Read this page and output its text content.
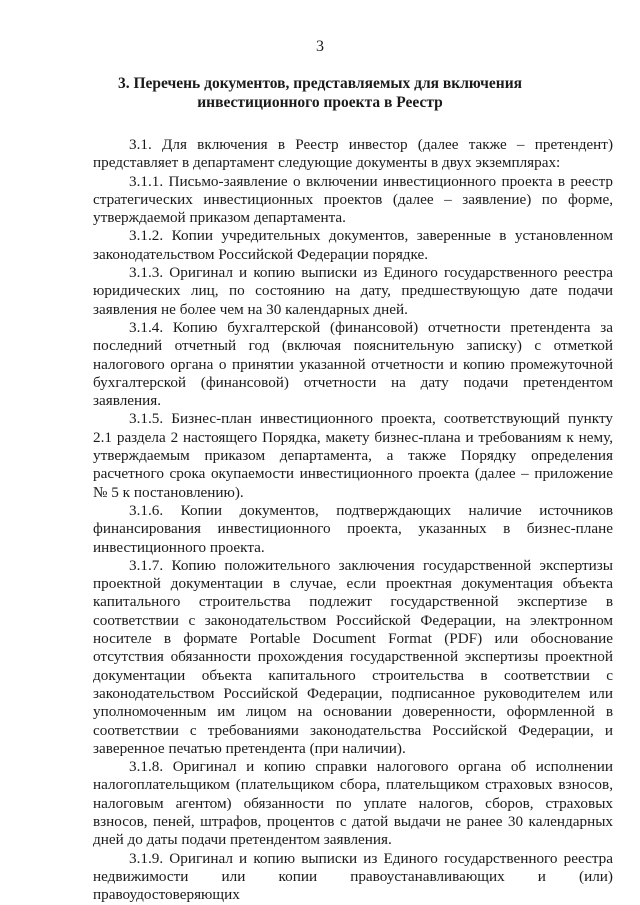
3
3. Перечень документов, представляемых для включения инвестиционного проекта в Реестр

3.1. Для включения в Реестр инвестор (далее также – претендент) представляет в департамент следующие документы в двух экземплярах:

3.1.1. Письмо-заявление о включении инвестиционного проекта в реестр стратегических инвестиционных проектов (далее – заявление) по форме, утверждаемой приказом департамента.

3.1.2. Копии учредительных документов, заверенные в установленном законодательством Российской Федерации порядке.

3.1.3. Оригинал и копию выписки из Единого государственного реестра юридических лиц, по состоянию на дату, предшествующую дате подачи заявления не более чем на 30 календарных дней.

3.1.4. Копию бухгалтерской (финансовой) отчетности претендента за последний отчетный год (включая пояснительную записку) с отметкой налогового органа о принятии указанной отчетности и копию промежуточной бухгалтерской (финансовой) отчетности на дату подачи претендентом заявления.

3.1.5. Бизнес-план инвестиционного проекта, соответствующий пункту 2.1 раздела 2 настоящего Порядка, макету бизнес-плана и требованиям к нему, утверждаемым приказом департамента, а также Порядку определения расчетного срока окупаемости инвестиционного проекта (далее – приложение № 5 к постановлению).

3.1.6. Копии документов, подтверждающих наличие источников финансирования инвестиционного проекта, указанных в бизнес-плане инвестиционного проекта.

3.1.7. Копию положительного заключения государственной экспертизы проектной документации в случае, если проектная документация объекта капитального строительства подлежит государственной экспертизе в соответствии с законодательством Российской Федерации, на электронном носителе в формате Portable Document Format (PDF) или обоснование отсутствия обязанности прохождения государственной экспертизы проектной документации объекта капитального строительства в соответствии с законодательством Российской Федерации, подписанное руководителем или уполномоченным им лицом на основании доверенности, оформленной в соответствии с требованиями законодательства Российской Федерации, и заверенное печатью претендента (при наличии).

3.1.8. Оригинал и копию справки налогового органа об исполнении налогоплательщиком (плательщиком сбора, плательщиком страховых взносов, налоговым агентом) обязанности по уплате налогов, сборов, страховых взносов, пеней, штрафов, процентов с датой выдачи не ранее 30 календарных дней до даты подачи претендентом заявления.

3.1.9. Оригинал и копию выписки из Единого государственного реестра недвижимости или копии правоустанавливающих и (или) правоудостоверяющих
